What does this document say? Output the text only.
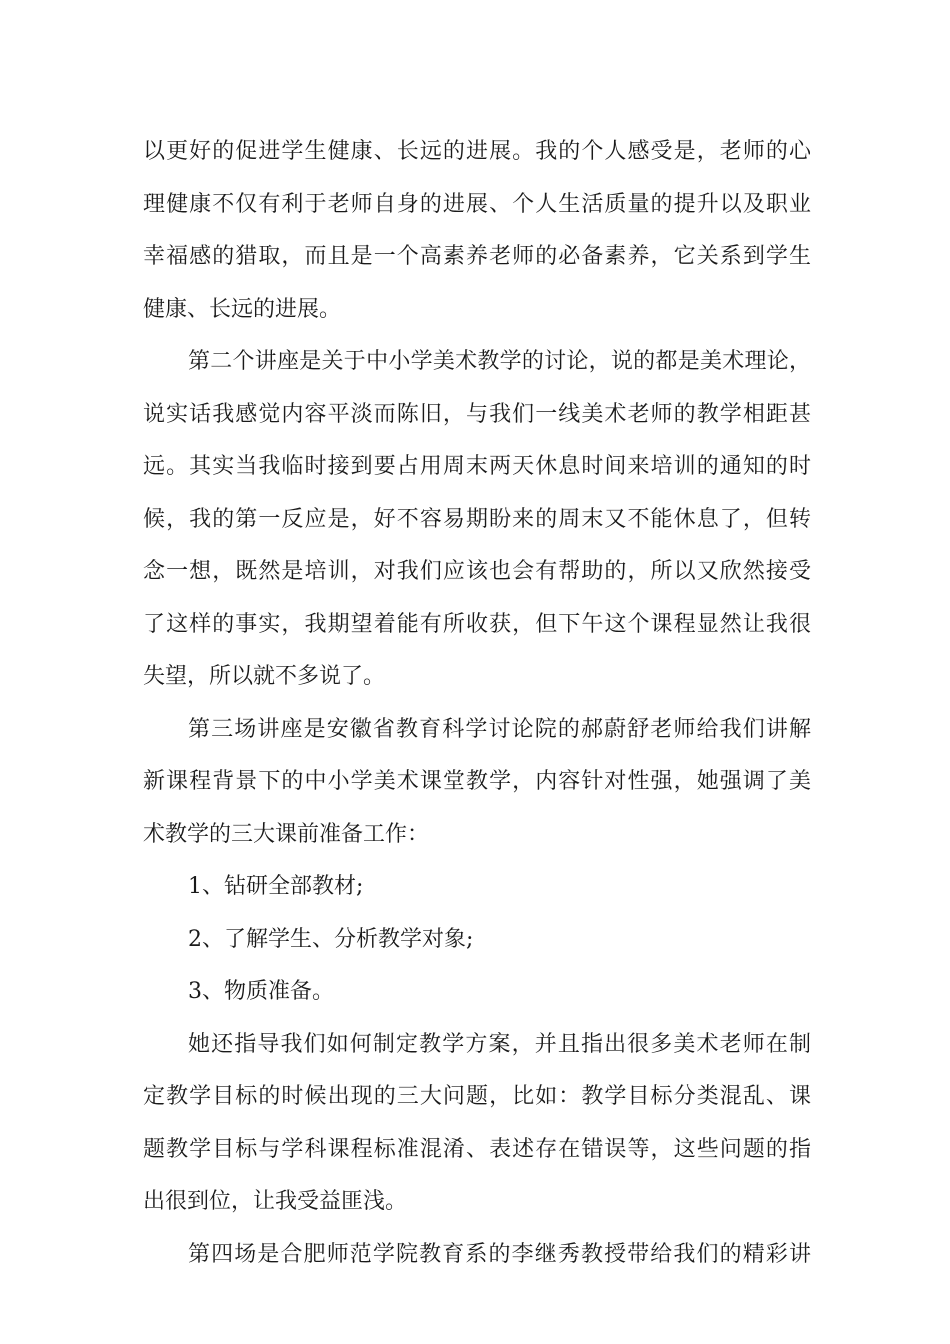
以更好的促进学生健康、长远的进展。我的个人感受是，老师的心
理健康不仅有利于老师自身的进展、个人生活质量的提升以及职业
幸福感的猎取，而且是一个高素养老师的必备素养，它关系到学生
健康、长远的进展。
第二个讲座是关于中小学美术教学的讨论，说的都是美术理论，
说实话我感觉内容平淡而陈旧，与我们一线美术老师的教学相距甚
远。其实当我临时接到要占用周末两天休息时间来培训的通知的时
候，我的第一反应是，好不容易期盼来的周末又不能休息了，但转
念一想，既然是培训，对我们应该也会有帮助的，所以又欣然接受
了这样的事实，我期望着能有所收获，但下午这个课程显然让我很
失望，所以就不多说了。
第三场讲座是安徽省教育科学讨论院的郝蔚舒老师给我们讲解
新课程背景下的中小学美术课堂教学，内容针对性强，她强调了美
术教学的三大课前准备工作：
1、钻研全部教材;
2、了解学生、分析教学对象;
3、物质准备。
她还指导我们如何制定教学方案，并且指出很多美术老师在制
定教学目标的时候出现的三大问题，比如：教学目标分类混乱、课
题教学目标与学科课程标准混淆、表述存在错误等，这些问题的指
出很到位，让我受益匪浅。
第四场是合肥师范学院教育系的李继秀教授带给我们的精彩讲
